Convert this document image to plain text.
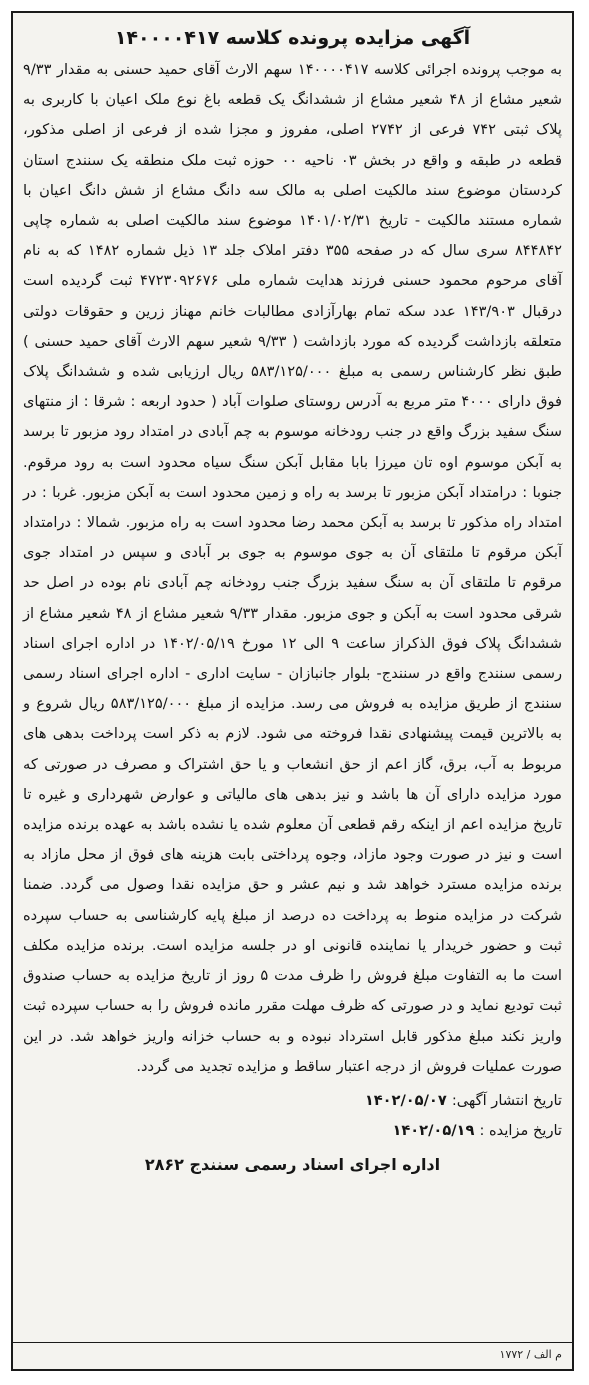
آگهی مزایده پرونده کلاسه ۱۴۰۰۰۰۴۱۷
به موجب پرونده اجرائی کلاسه ۱۴۰۰۰۰۴۱۷ سهم الارث آقای حمید حسنی به مقدار ۹/۳۳ شعیر مشاع از ۴۸ شعیر مشاع از ششدانگ یک قطعه باغ نوع ملک اعیان با کاربری به پلاک ثبتی ۷۴۲ فرعی از ۲۷۴۲ اصلی، مفروز و مجزا شده از فرعی از اصلی مذکور، قطعه در طبقه و واقع در بخش ۰۳ ناحیه ۰۰ حوزه ثبت ملک منطقه یک سنندج استان کردستان موضوع سند مالکیت اصلی به مالک سه دانگ مشاع از شش دانگ اعیان با شماره مستند مالکیت - تاریخ ۱۴۰۱/۰۲/۳۱ موضوع سند مالکیت اصلی به شماره چاپی ۸۴۴۸۴۲ سری سال که در صفحه ۳۵۵ دفتر املاک جلد ۱۳ ذیل شماره ۱۴۸۲ که به نام آقای مرحوم محمود حسنی فرزند هدایت شماره ملی ۴۷۲۳۰۹۲۶۷۶ ثبت گردیده است درقبال ۱۴۳/۹۰۳ عدد سکه تمام بهارآزادی مطالبات خانم مهناز زرین و حقوقات دولتی متعلقه بازداشت گردیده که مورد بازداشت ( ۹/۳۳ شعیر سهم الارث آقای حمید حسنی ) طبق نظر کارشناس رسمی به مبلغ ۵۸۳/۱۲۵/۰۰۰ ریال ارزیابی شده و ششدانگ پلاک فوق دارای ۴۰۰۰ متر مربع به آدرس روستای صلوات آباد ( حدود اربعه : شرقا : از منتهای سنگ سفید بزرگ واقع در جنب رودخانه موسوم به چم آبادی در امتداد رود مزبور تا برسد به آبکن موسوم اوه تان میرزا بابا مقابل آبکن سنگ سیاه محدود است به رود مرقوم. جنوبا : درامتداد آبکن مزبور تا برسد به راه و زمین محدود است به آبکن مزبور. غربا : در امتداد راه مذکور تا برسد به آبکن محمد رضا محدود است به راه مزبور. شمالا : درامتداد آبکن مرقوم تا ملتقای آن به جوی موسوم به جوی بر آبادی و سپس در امتداد جوی مرقوم تا ملتقای آن به سنگ سفید بزرگ جنب رودخانه چم آبادی نام بوده در اصل حد شرقی محدود است به آبکن و جوی مزبور. مقدار ۹/۳۳ شعیر مشاع از ۴۸ شعیر مشاع از ششدانگ پلاک فوق الذکراز ساعت ۹ الی ۱۲ مورخ ۱۴۰۲/۰۵/۱۹ در اداره اجرای اسناد رسمی سنندج واقع در سنندج- بلوار جانبازان - سایت اداری - اداره اجرای اسناد رسمی سنندج از طریق مزایده به فروش می رسد. مزایده از مبلغ ۵۸۳/۱۲۵/۰۰۰ ریال شروع و به بالاترین قیمت پیشنهادی نقدا فروخته می شود. لازم به ذکر است پرداخت بدهی های مربوط به آب، برق، گاز اعم از حق انشعاب و یا حق اشتراک و مصرف در صورتی که مورد مزایده دارای آن ها باشد و نیز بدهی های مالیاتی و عوارض شهرداری و غیره تا تاریخ مزایده اعم از اینکه رقم قطعی آن معلوم شده یا نشده باشد به عهده برنده مزایده است و نیز در صورت وجود مازاد، وجوه پرداختی بابت هزینه های فوق از محل مازاد به برنده مزایده مسترد خواهد شد و نیم عشر و حق مزایده نقدا وصول می گردد. ضمنا شرکت در مزایده منوط به پرداخت ده درصد از مبلغ پایه کارشناسی به حساب سپرده ثبت و حضور خریدار یا نماینده قانونی او در جلسه مزایده است. برنده مزایده مکلف است ما به التفاوت مبلغ فروش را ظرف مدت ۵ روز از تاریخ مزایده به حساب صندوق ثبت تودیع نماید و در صورتی که ظرف مهلت مقرر مانده فروش را به حساب سپرده ثبت واریز نکند مبلغ مذکور قابل استرداد نبوده و به حساب خزانه واریز خواهد شد. در این صورت عملیات فروش از درجه اعتبار ساقط و مزایده تجدید می گردد.
تاریخ انتشار آگهی: ۱۴۰۲/۰۵/۰۷
تاریخ مزایده : ۱۴۰۲/۰۵/۱۹
اداره اجرای اسناد رسمی سنندج ۲۸۶۲
م الف / ۱۷۷۲
